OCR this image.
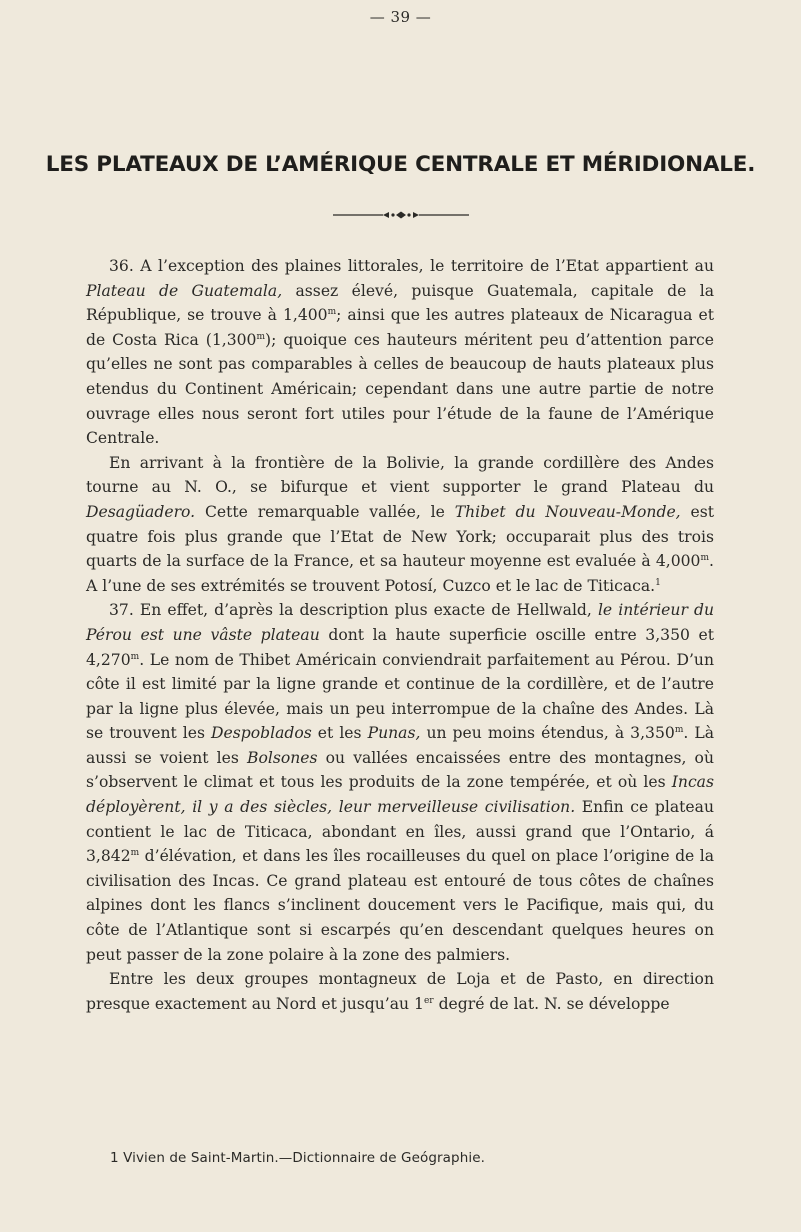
— 39 —
LES PLATEAUX DE L’AMÉRIQUE CENTRALE ET MÉRIDIONALE.

36. A l’exception des plaines littorales, le territoire de l’Etat appartient au Plateau de Guatemala, assez élevé, puisque Guatemala, capitale de la République, se trouve à 1,400$^m$; ainsi que les autres plateaux de Nicaragua et de Costa Rica (1,300$^m$); quoique ces hauteurs méritent peu d’attention parce qu’elles ne sont pas comparables à celles de beaucoup de hauts plateaux plus etendus du Continent Américain; cependant dans une autre partie de notre ouvrage elles nous seront fort utiles pour l’étude de la faune de l’Amérique Centrale.

En arrivant à la frontière de la Bolivie, la grande cordillère des Andes tourne au N. O., se bifurque et vient supporter le grand Plateau du Desagüadero. Cette remarquable vallée, le Thibet du Nouveau-Monde, est quatre fois plus grande que l’Etat de New York; occuparait plus des trois quarts de la surface de la France, et sa hauteur moyenne est evaluée à 4,000$^m$. A l’une de ses extrémités se trouvent Potosí, Cuzco et le lac de Titicaca.$^1$

37. En effet, d’après la description plus exacte de Hellwald, le intérieur du Pérou est une vâste plateau dont la haute superficie oscille entre 3,350 et 4,270$^m$. Le nom de Thibet Américain conviendrait parfaitement au Pérou. D’un côte il est limité par la ligne grande et continue de la cordillère, et de l’autre par la ligne plus élevée, mais un peu interrompue de la chaîne des Andes. Là se trouvent les Despoblados et les Punas, un peu moins étendus, à 3,350$^m$. Là aussi se voient les Bolsones ou vallées encaissées entre des montagnes, où s’observent le climat et tous les produits de la zone tempérée, et où les Incas déployèrent, il y a des siècles, leur merveilleuse civilisation. Enfin ce plateau contient le lac de Titicaca, abondant en îles, aussi grand que l’Ontario, á 3,842$^m$ d’élévation, et dans les îles rocailleuses du quel on place l’origine de la civilisation des Incas. Ce grand plateau est entouré de tous côtes de chaînes alpines dont les flancs s’inclinent doucement vers le Pacifique, mais qui, du côte de l’Atlantique sont si escarpés qu’en descendant quelques heures on peut passer de la zone polaire à la zone des palmiers.

Entre les deux groupes montagneux de Loja et de Pasto, en direction presque exactement au Nord et jusqu’au 1er degré de lat. N. se développe

1 Vivien de Saint-Martin.—Dictionnaire de Geógraphie.
